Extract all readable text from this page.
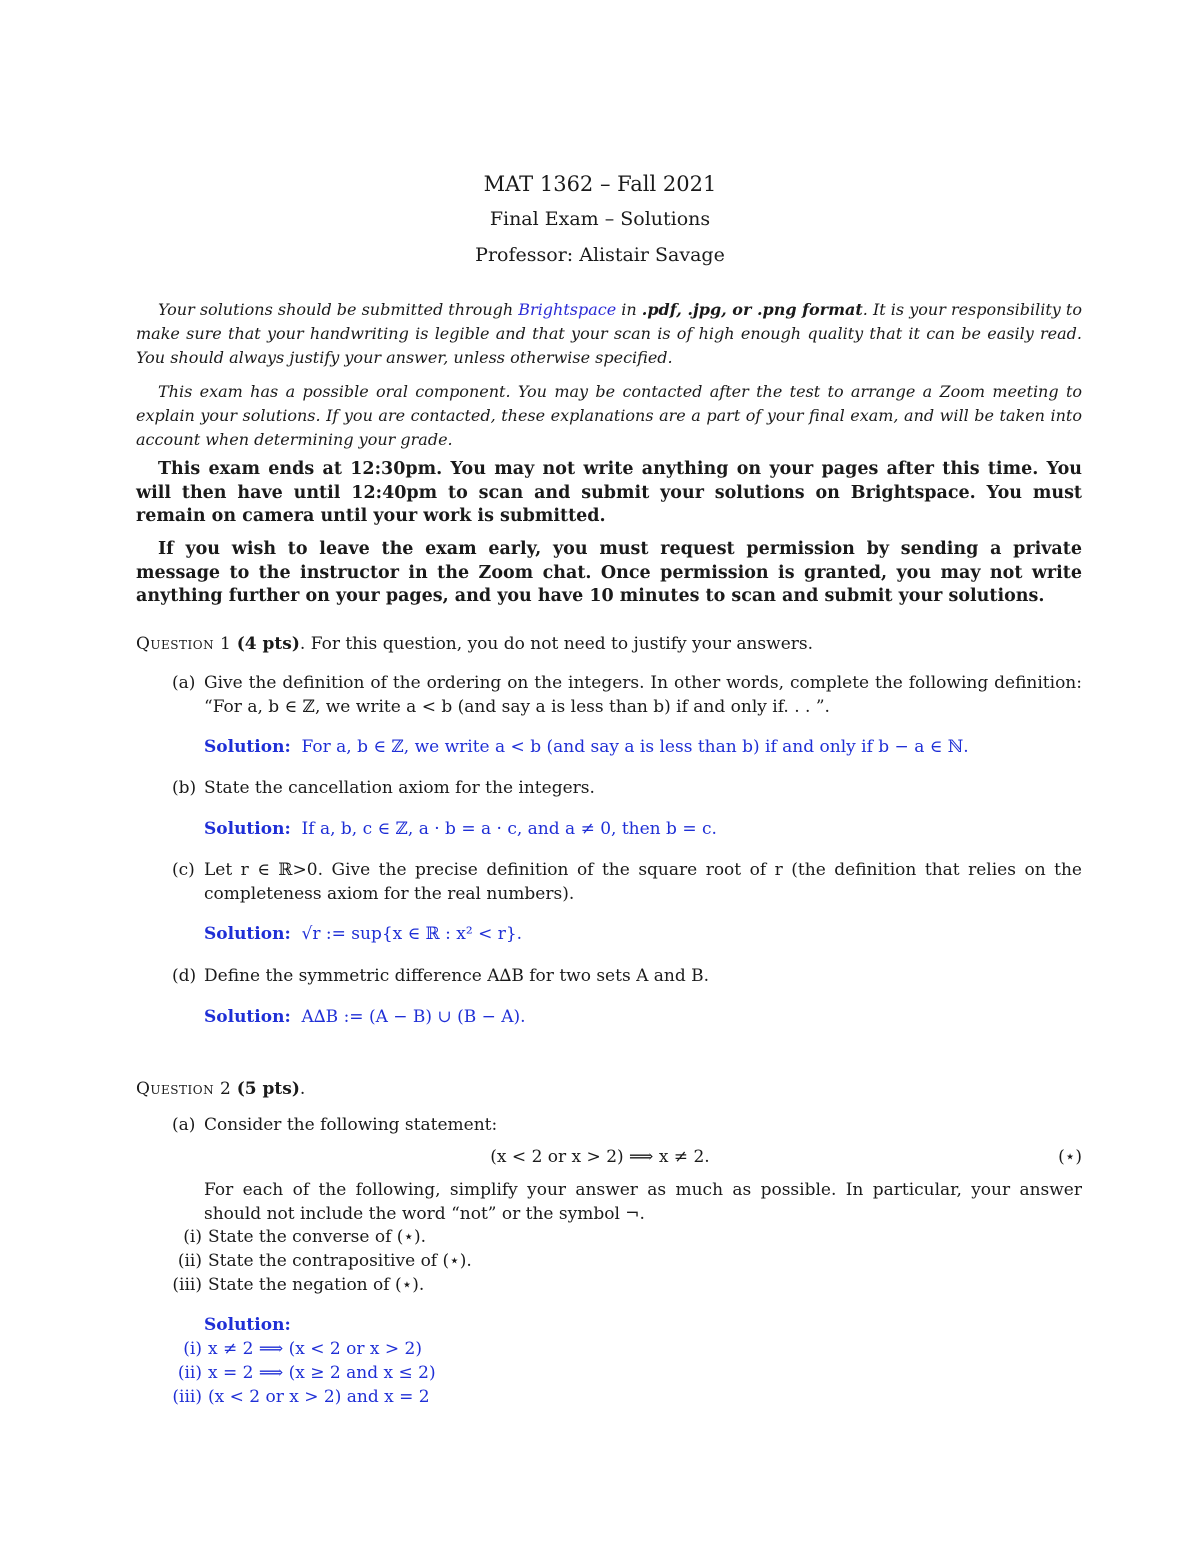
MAT 1362 – Fall 2021
Final Exam – Solutions
Professor: Alistair Savage

Your solutions should be submitted through Brightspace in .pdf, .jpg, or .png format. It is your responsibility to make sure that your handwriting is legible and that your scan is of high enough quality that it can be easily read. You should always justify your answer, unless otherwise specified.

This exam has a possible oral component. You may be contacted after the test to arrange a Zoom meeting to explain your solutions. If you are contacted, these explanations are a part of your final exam, and will be taken into account when determining your grade.

This exam ends at 12:30pm. You may not write anything on your pages after this time. You will then have until 12:40pm to scan and submit your solutions on Brightspace. You must remain on camera until your work is submitted.

If you wish to leave the exam early, you must request permission by sending a private message to the instructor in the Zoom chat. Once permission is granted, you may not write anything further on your pages, and you have 10 minutes to scan and submit your solutions.

Question 1 (4 pts). For this question, you do not need to justify your answers.
(a) Give the definition of the ordering on the integers. In other words, complete the following definition: “For a, b ∈ ℤ, we write a < b (and say a is less than b) if and only if. . . ”.
Solution: For a, b ∈ ℤ, we write a < b (and say a is less than b) if and only if b − a ∈ ℕ.
(b) State the cancellation axiom for the integers.
Solution: If a, b, c ∈ ℤ, a · b = a · c, and a ≠ 0, then b = c.
(c) Let r ∈ ℝ>0. Give the precise definition of the square root of r (the definition that relies on the completeness axiom for the real numbers).
Solution: √r := sup{x ∈ ℝ : x² < r}.
(d) Define the symmetric difference A∆B for two sets A and B.
Solution: A∆B := (A − B) ∪ (B − A).
Question 2 (5 pts).
(a) Consider the following statement:
(x < 2 or x > 2) ⟹ x ≠ 2.	(⋆)
For each of the following, simplify your answer as much as possible. In particular, your answer should not include the word “not” or the symbol ¬.
(i) State the converse of (⋆).
(ii) State the contrapositive of (⋆).
(iii) State the negation of (⋆).
Solution:
(i) x ≠ 2 ⟹ (x < 2 or x > 2)
(ii) x = 2 ⟹ (x ≥ 2 and x ≤ 2)
(iii) (x < 2 or x > 2) and x = 2
